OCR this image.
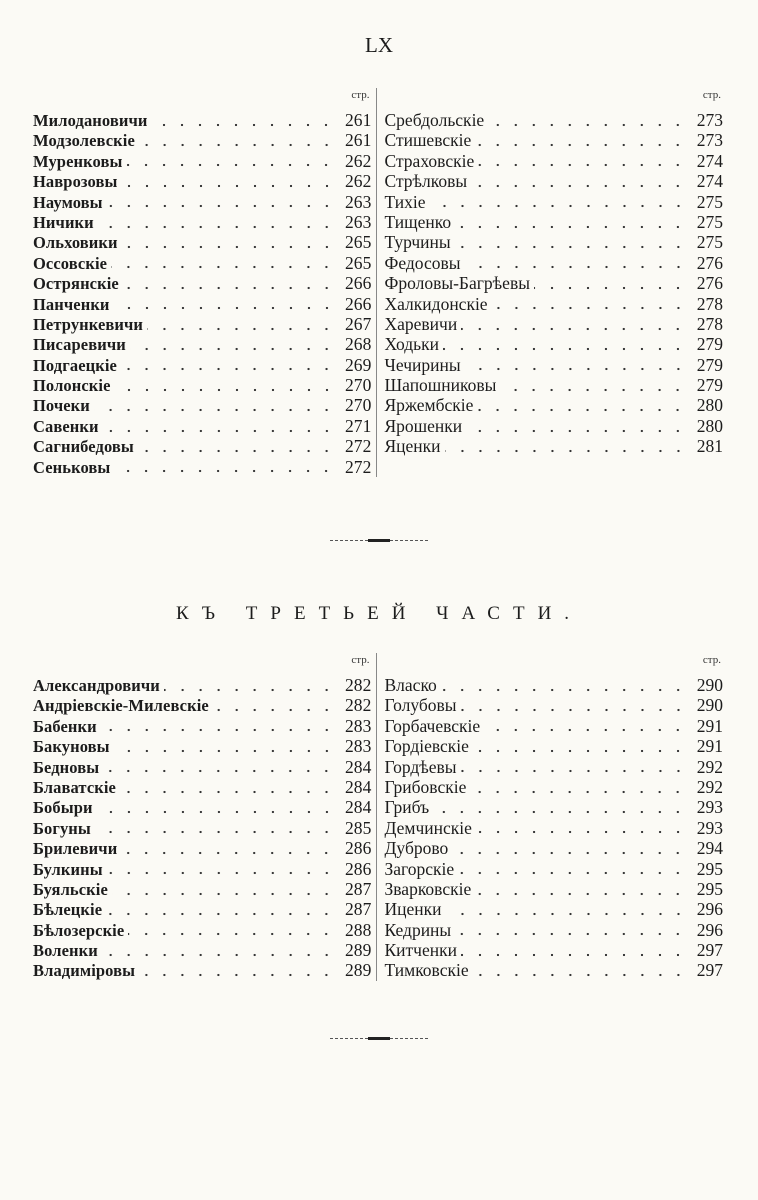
LX
стр.
Милодановичи	261
Модзолевскіе	261
Муренковы	262
Наврозовы	262
Наумовы	263
Ничики	263
Ольховики	265
Оссовскіе	265
Острянскіе	266
Панченки	266
Петрункевичи	267
Писаревичи	268
Подгаецкіе	269
Полонскіе	270
Почеки	270
Савенки	271
Сагнибедовы	272
Сеньковы	272
стр.
Сребдольскіе	273
Стишевскіе	273
Страховскіе	274
Стрѣлковы	274
Тихіе	275
Тищенко	275
Турчины	275
Федосовы	276
Фроловы-Багрѣевы	276
Халкидонскіе	278
Харевичи	278
Ходьки	279
Чечирины	279
Шапошниковы	279
Яржембскіе	280
Ярошенки	280
Яценки	281
КЪ ТРЕТЬЕЙ ЧАСТИ.
стр.
Александровичи	282
Андрiевскіе-Милевскіе	282
Бабенки	283
Бакуновы	283
Бедновы	284
Блаватскіе	284
Бобыри	284
Богуны	285
Брилевичи	286
Булкины	286
Буяльскіе	287
Бѣлецкіе	287
Бѣлозерскіе	288
Воленки	289
Владиміровы	289
стр.
Власко	290
Голубовы	290
Горбачевскіе	291
Гордіевскіе	291
Гордѣевы	292
Грибовскіе	292
Грибъ	293
Демчинскіе	293
Дуброво	294
Загорскіе	295
Зварковскіе	295
Иценки	296
Кедрины	296
Китченки	297
Тимковскіе	297
